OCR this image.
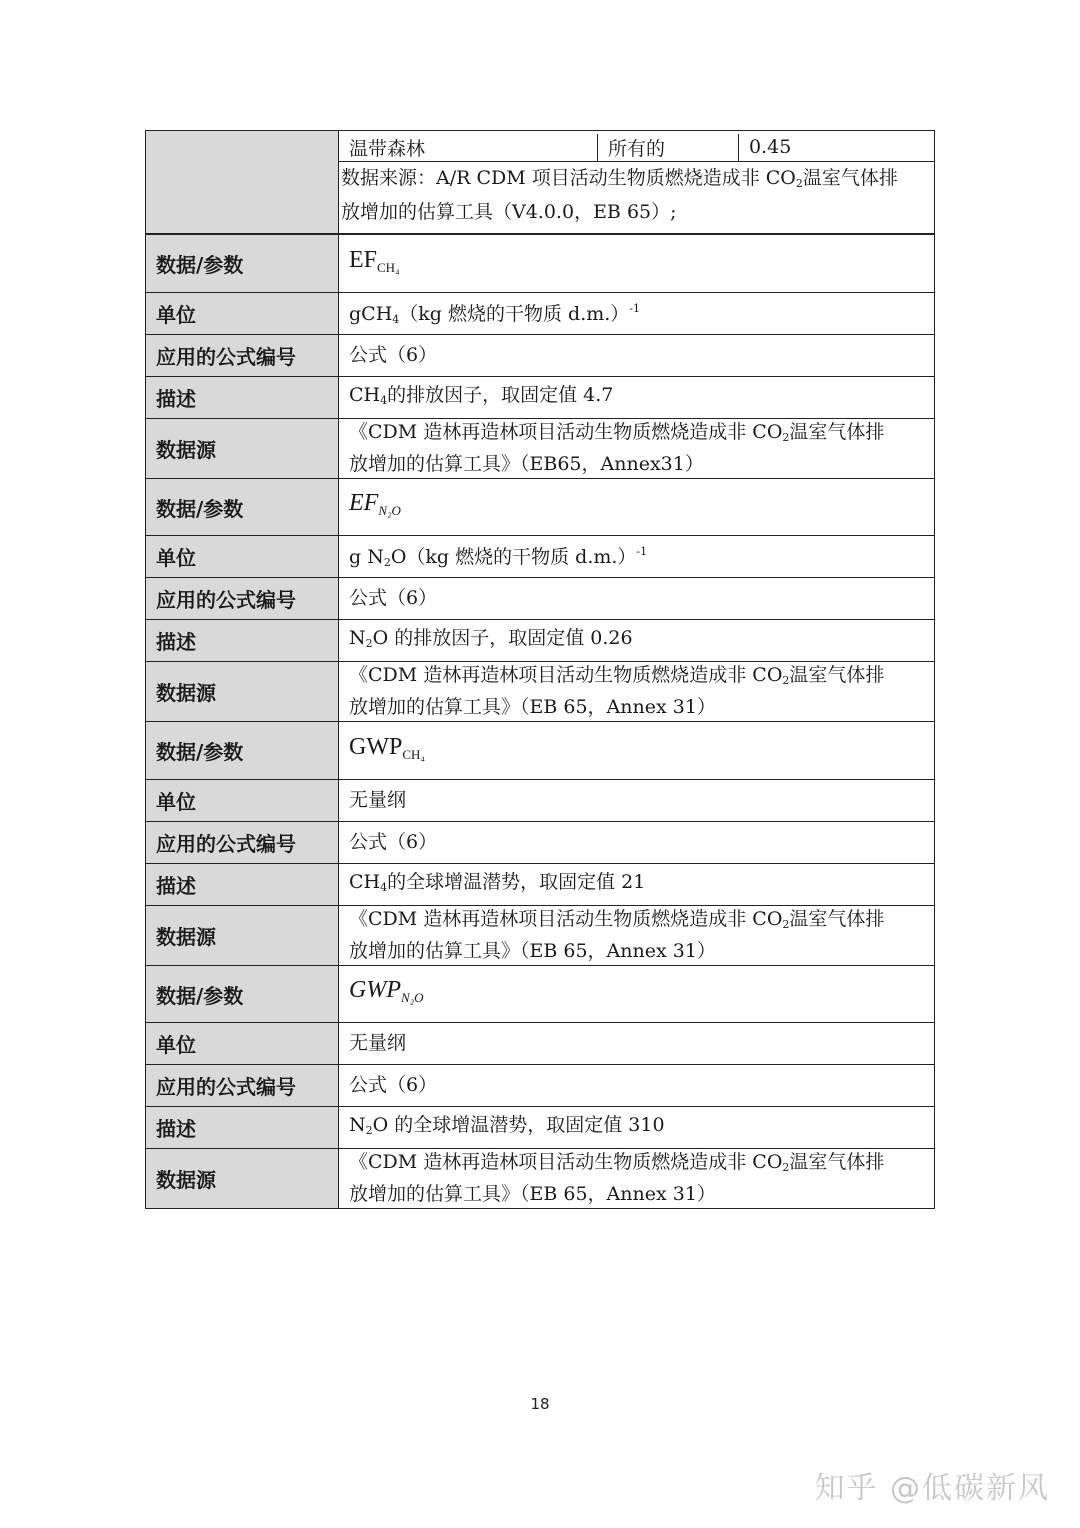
温带森林	所有的	0.45
数据来源：A/R CDM 项目活动生物质燃烧造成非 $CO_2$温室气体排
放增加的估算工具（V4.0.0，EB 65）;
数据/参数	$EF_{CH_4}$
单位	gCH$_4$（kg 燃烧的干物质 d.m.）$^{-1}$
应用的公式编号	公式（6）
描述	$CH_4$的排放因子，取固定值 4.7
数据源	《CDM 造林再造林项目活动生物质燃烧造成非 $CO_2$温室气体排
放增加的估算工具》（EB65，Annex31）
数据/参数	$EF_{N_2O}$
单位	g $N_2O(kg$ 燃烧的干物质 d.m.）$^{-1}$
应用的公式编号	公式（6）
描述	$N_2O$ 的排放因子，取固定值 0.26
数据源	《CDM 造林再造林项目活动生物质燃烧造成非 $CO_2$温室气体排
放增加的估算工具》（EB 65，Annex 31）
数据/参数	$GWP_{CH_4}$
单位	无量纲
应用的公式编号	公式（6）
描述	$CH_4$的全球增温潜势，取固定值 21
数据源	《CDM 造林再造林项目活动生物质燃烧造成非 $CO_2$温室气体排
放增加的估算工具》（EB 65，Annex 31）
数据/参数	$GWP_{N_2O}$
单位	无量纲
应用的公式编号	公式（6）
描述	$N_2O$ 的全球增温潜势，取固定值 310
数据源	《CDM 造林再造林项目活动生物质燃烧造成非 $CO_2$温室气体排
放增加的估算工具》（EB 65，Annex 31）
18
知乎 @低碳新风
